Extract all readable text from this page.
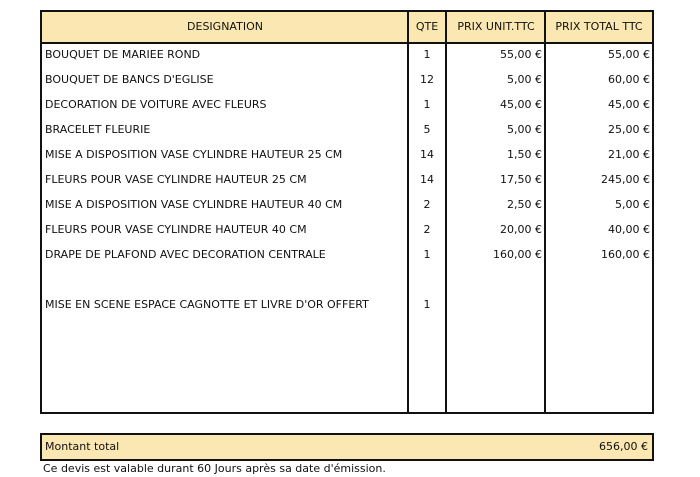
DESIGNATION	QTE	PRIX UNIT.TTC	PRIX TOTAL TTC
BOUQUET DE MARIEE ROND	1	55,00 €	55,00 €
BOUQUET DE BANCS D'EGLISE	12	5,00 €	60,00 €
DECORATION DE VOITURE AVEC FLEURS	1	45,00 €	45,00 €
BRACELET FLEURIE	5	5,00 €	25,00 €
MISE A DISPOSITION VASE CYLINDRE HAUTEUR 25 CM	14	1,50 €	21,00 €
FLEURS POUR VASE CYLINDRE HAUTEUR 25 CM	14	17,50 €	245,00 €
MISE A DISPOSITION VASE CYLINDRE HAUTEUR 40 CM	2	2,50 €	5,00 €
FLEURS POUR VASE CYLINDRE HAUTEUR 40 CM	2	20,00 €	40,00 €
DRAPE DE PLAFOND AVEC DECORATION CENTRALE	1	160,00 €	160,00 €
MISE EN SCENE ESPACE CAGNOTTE ET LIVRE D'OR OFFERT	1
Montant total	656,00 €
Ce devis est valable durant 60 Jours après sa date d'émission.
